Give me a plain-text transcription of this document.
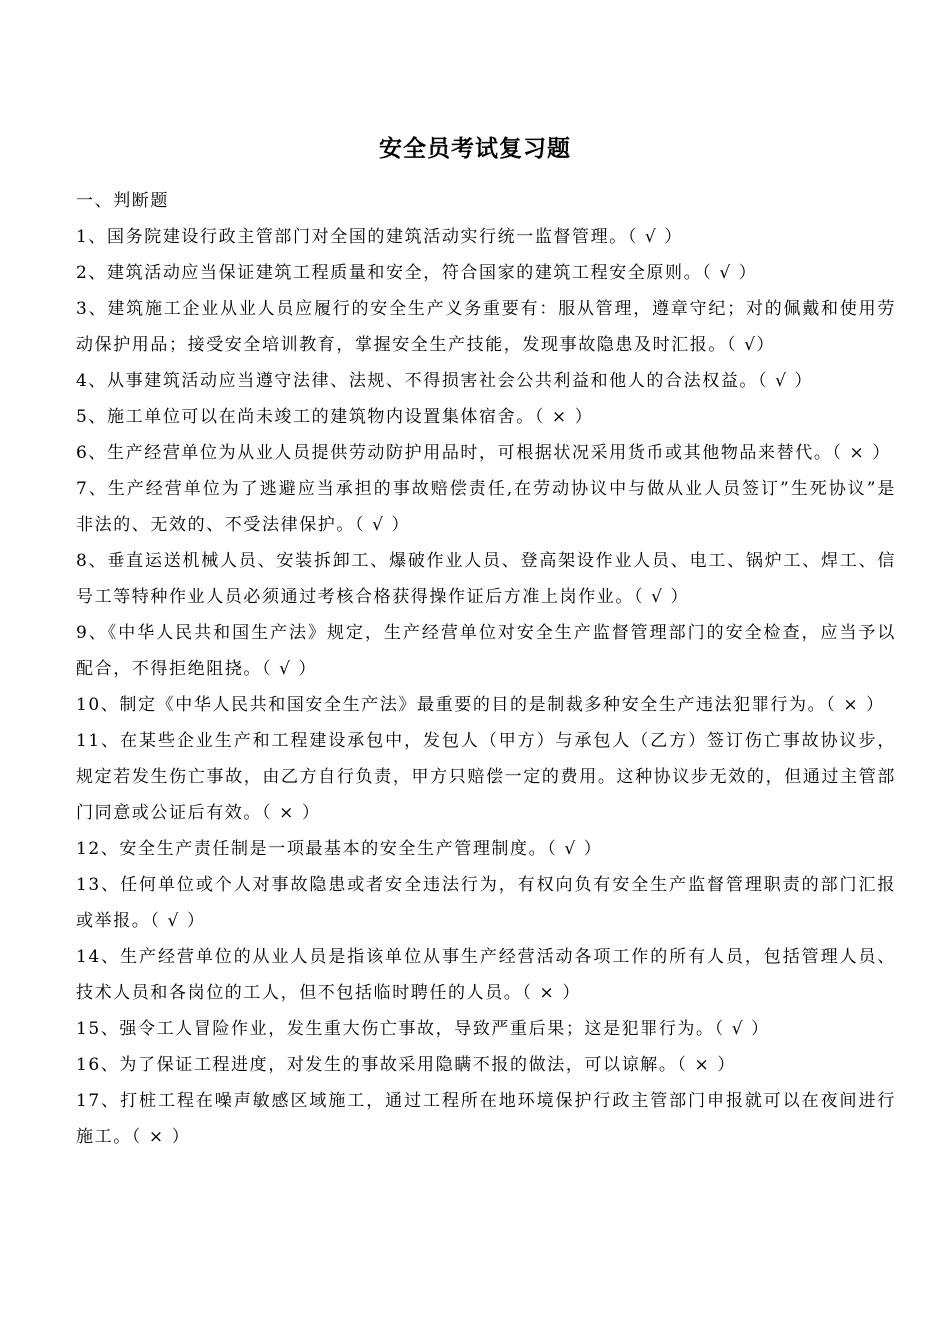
安全员考试复习题

一、判断题

1、国务院建设行政主管部门对全国的建筑活动实行统一监督管理。（ √ ）

2、建筑活动应当保证建筑工程质量和安全，符合国家的建筑工程安全原则。（ √ ）

3、建筑施工企业从业人员应履行的安全生产义务重要有：服从管理，遵章守纪；对的佩戴和使用劳动保护用品；接受安全培训教育，掌握安全生产技能，发现事故隐患及时汇报。（ √）

4、从事建筑活动应当遵守法律、法规、不得损害社会公共利益和他人的合法权益。（ √ ）

5、施工单位可以在尚未竣工的建筑物内设置集体宿舍。（ × ）

6、生产经营单位为从业人员提供劳动防护用品时，可根据状况采用货币或其他物品来替代。（ × ）

7、生产经营单位为了逃避应当承担的事故赔偿责任,在劳动协议中与做从业人员签订”生死协议”是非法的、无效的、不受法律保护。（ √ ）

8、垂直运送机械人员、安装拆卸工、爆破作业人员、登高架设作业人员、电工、锅炉工、焊工、信号工等特种作业人员必须通过考核合格获得操作证后方准上岗作业。（ √ ）

9、《中华人民共和国生产法》规定，生产经营单位对安全生产监督管理部门的安全检查，应当予以配合，不得拒绝阻挠。（ √ ）

10、制定《中华人民共和国安全生产法》最重要的目的是制裁多种安全生产违法犯罪行为。（ × ）

11、在某些企业生产和工程建设承包中，发包人（甲方）与承包人（乙方）签订伤亡事故协议步，规定若发生伤亡事故，由乙方自行负责，甲方只赔偿一定的费用。这种协议步无效的，但通过主管部门同意或公证后有效。（ × ）

12、安全生产责任制是一项最基本的安全生产管理制度。（ √ ）

13、任何单位或个人对事故隐患或者安全违法行为，有权向负有安全生产监督管理职责的部门汇报或举报。（ √ ）

14、生产经营单位的从业人员是指该单位从事生产经营活动各项工作的所有人员，包括管理人员、技术人员和各岗位的工人，但不包括临时聘任的人员。（ × ）

15、强令工人冒险作业，发生重大伤亡事故，导致严重后果；这是犯罪行为。（ √ ）

16、为了保证工程进度，对发生的事故采用隐瞒不报的做法，可以谅解。（ × ）

17、打桩工程在噪声敏感区域施工，通过工程所在地环境保护行政主管部门申报就可以在夜间进行施工。（ × ）
